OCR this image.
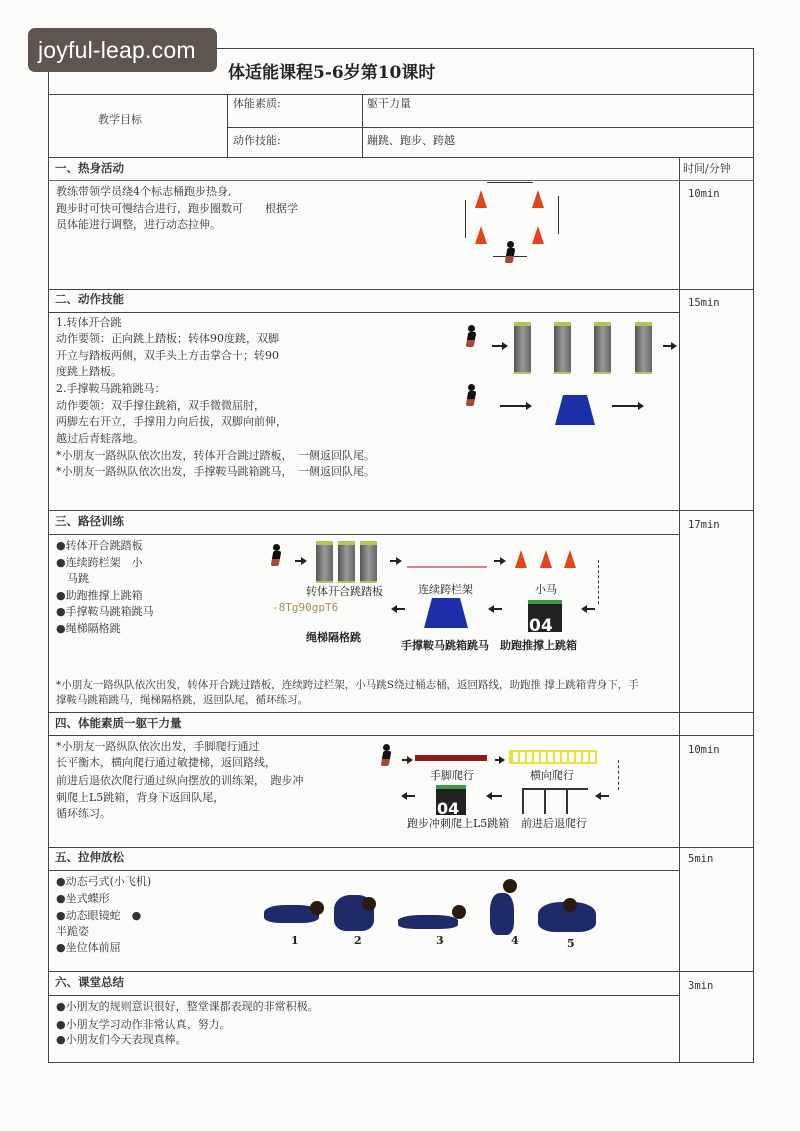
joyful-leap.com
体适能课程5-6岁第10课时
教学目标
体能素质:	躯干力量
动作技能:	蹦跳、跑步、跨越
时间/分钟
一、热身活动
10min
教练带领学员绕4个标志桶跑步热身,
跑步时可快可慢结合进行，跑步圈数可　　根据学
员体能进行调整，进行动态拉伸。
二、动作技能	15min
1.转体开合跳
动作要领：正向跳上踏板；转体90度跳，双脚
开立与踏板两侧，双手头上方击掌合十；转90
度跳上踏板。
2.手撑鞍马跳箱跳马：
动作要领：双手撑住跳箱，双手微微屈肘，
两脚左右开立，手撑用力向后拔，双脚向前伸，
越过后青蛙落地。
*小朋友一路纵队依次出发，转体开合跳过踏板，　一侧返回队尾。
*小朋友一路纵队依次出发，手撑鞍马跳箱跳马，　一侧返回队尾。
三、路径训练	17min
●转体开合跳踏板
●连续跨栏架　小
　马跳
●助跑推撑上跳箱
●手撑鞍马跳箱跳马
●绳梯隔格跳
转体开合跳踏板	连续跨栏架	小马
04
-8Tg90gpT6
绳梯隔格跳
手撑鞍马跳箱跳马 助跑推撑上跳箱
*小朋友一路纵队依次出发，转体开合跳过踏板，连续跨过栏架，小马跳S绕过桶志桶，返回路线，助跑推 撑上跳箱背身下，手
撑鞍马跳箱跳马，绳梯隔格跳，返回队尾，循环练习。
四、体能素质一躯干力量
10min
*小朋友一路纵队依次出发，手脚爬行通过
长平衡木，横向爬行通过敏捷梯，返回路线，
前进后退依次爬行通过纵向摆放的训练架，　跑步冲
刺爬上L5跳箱，背身下返回队尾，
循环练习。
手脚爬行	横向爬行
04
跑步冲刺爬上L5跳箱 前进后退爬行
五、拉伸放松	5min
●动态弓式(小飞机)
●坐式蝶形
●动态眼镜蛇　●
半跪姿
●坐位体前屈
1	2	3	4	5
六、课堂总结	3min
●小朋友的规则意识很好，整堂课都表现的非常积极。
●小朋友学习动作非常认真、努力。
●小朋友们今天表现真棒。
